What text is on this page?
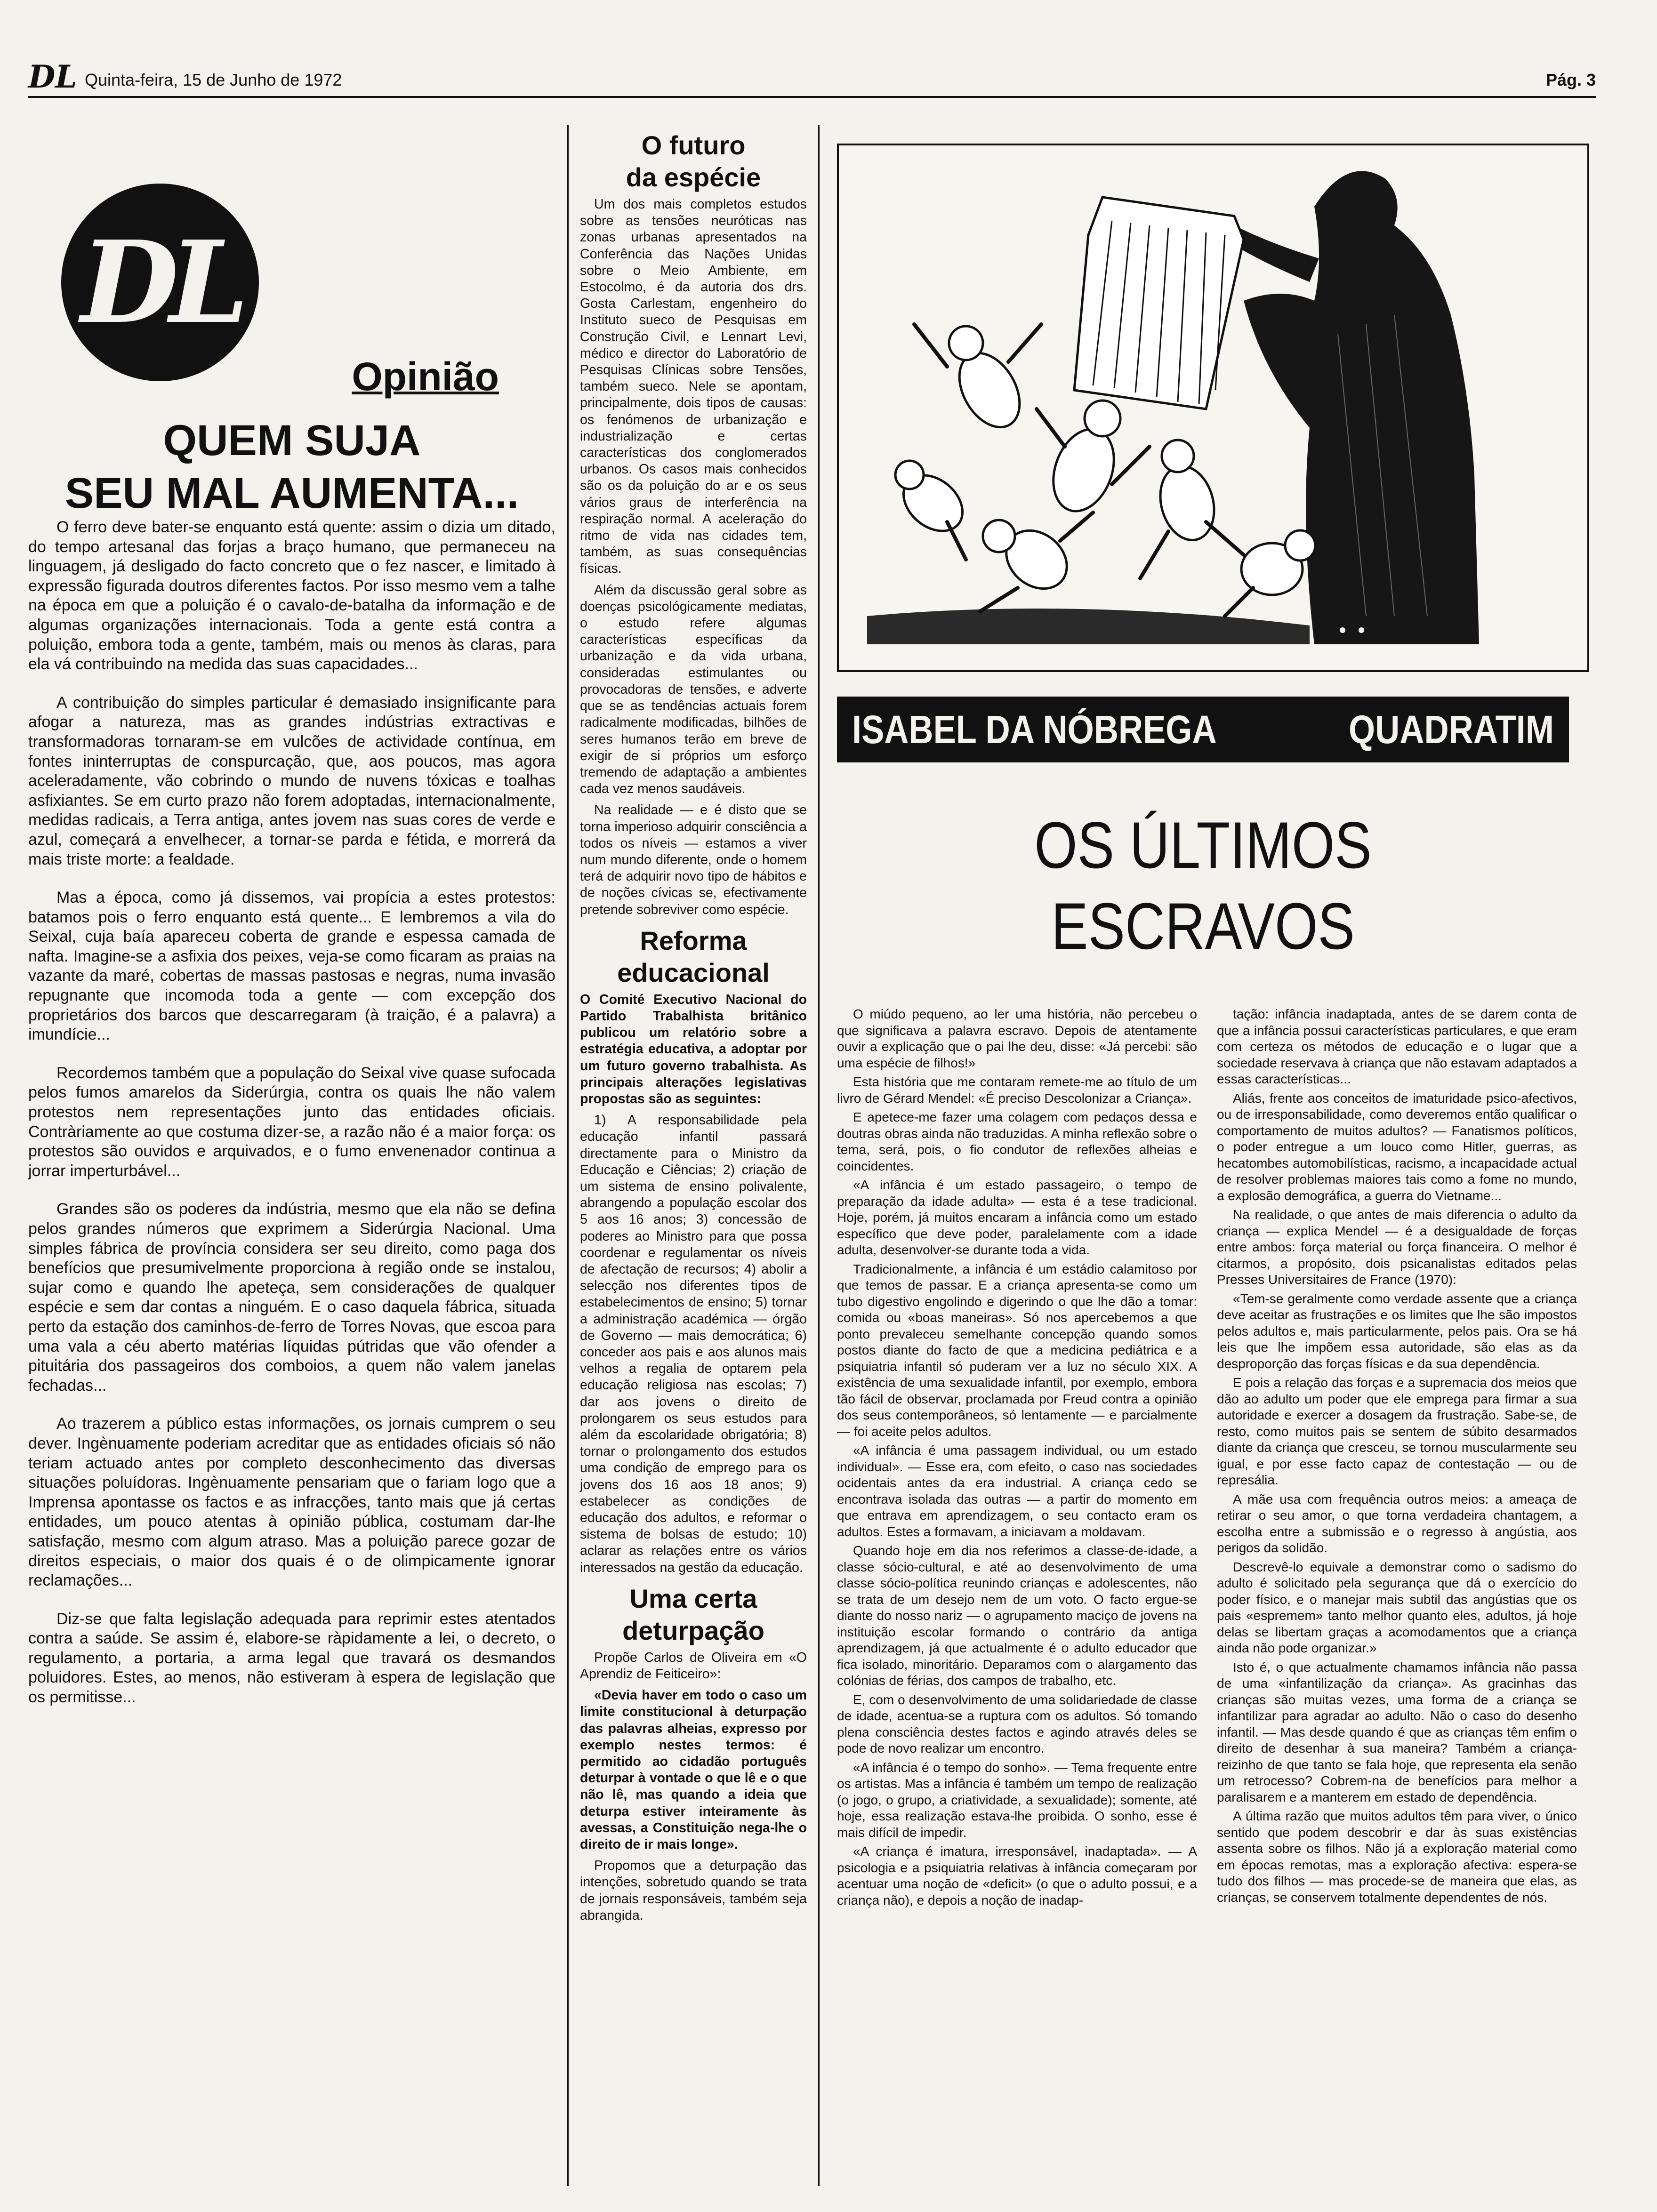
DL Quinta-feira, 15 de Junho de 1972	Pág. 3
DL
Opinião
QUEM SUJA
SEU MAL AUMENTA...

O ferro deve bater-se enquanto está quente: assim o dizia um ditado, do tempo artesanal das forjas a braço humano, que permaneceu na linguagem, já desligado do facto concreto que o fez nascer, e limitado à expressão figurada doutros diferentes factos. Por isso mesmo vem a talhe na época em que a poluição é o cavalo-de-batalha da informação e de algumas organizações internacionais. Toda a gente está contra a poluição, embora toda a gente, também, mais ou menos às claras, para ela vá contribuindo na medida das suas capacidades...

A contribuição do simples particular é demasiado insignificante para afogar a natureza, mas as grandes indústrias extractivas e transformadoras tornaram-se em vulcões de actividade contínua, em fontes ininterruptas de conspurcação, que, aos poucos, mas agora aceleradamente, vão cobrindo o mundo de nuvens tóxicas e toalhas asfixiantes. Se em curto prazo não forem adoptadas, internacionalmente, medidas radicais, a Terra antiga, antes jovem nas suas cores de verde e azul, começará a envelhecer, a tornar-se parda e fétida, e morrerá da mais triste morte: a fealdade.

Mas a época, como já dissemos, vai propícia a estes protestos: batamos pois o ferro enquanto está quente... E lembremos a vila do Seixal, cuja baía apareceu coberta de grande e espessa camada de nafta. Imagine-se a asfixia dos peixes, veja-se como ficaram as praias na vazante da maré, cobertas de massas pastosas e negras, numa invasão repugnante que incomoda toda a gente — com excepção dos proprietários dos barcos que descarregaram (à traição, é a palavra) a imundície...

Recordemos também que a população do Seixal vive quase sufocada pelos fumos amarelos da Siderúrgia, contra os quais lhe não valem protestos nem representações junto das entidades oficiais. Contràriamente ao que costuma dizer-se, a razão não é a maior força: os protestos são ouvidos e arquivados, e o fumo envenenador continua a jorrar imperturbável...

Grandes são os poderes da indústria, mesmo que ela não se defina pelos grandes números que exprimem a Siderúrgia Nacional. Uma simples fábrica de província considera ser seu direito, como paga dos benefícios que presumivelmente proporciona à região onde se instalou, sujar como e quando lhe apeteça, sem considerações de qualquer espécie e sem dar contas a ninguém. E o caso daquela fábrica, situada perto da estação dos caminhos-de-ferro de Torres Novas, que escoa para uma vala a céu aberto matérias líquidas pútridas que vão ofender a pituitária dos passageiros dos comboios, a quem não valem janelas fechadas...

Ao trazerem a público estas informações, os jornais cumprem o seu dever. Ingènuamente poderiam acreditar que as entidades oficiais só não teriam actuado antes por completo desconhecimento das diversas situações poluídoras. Ingènuamente pensariam que o fariam logo que a Imprensa apontasse os factos e as infracções, tanto mais que já certas entidades, um pouco atentas à opinião pública, costumam dar-lhe satisfação, mesmo com algum atraso. Mas a poluição parece gozar de direitos especiais, o maior dos quais é o de olimpicamente ignorar reclamações...

Diz-se que falta legislação adequada para reprimir estes atentados contra a saúde. Se assim é, elabore-se ràpidamente a lei, o decreto, o regulamento, a portaria, a arma legal que travará os desmandos poluidores. Estes, ao menos, não estiveram à espera de legislação que os permitisse...

O futuro
da espécie

Um dos mais completos estudos sobre as tensões neuróticas nas zonas urbanas apresentados na Conferência das Nações Unidas sobre o Meio Ambiente, em Estocolmo, é da autoria dos drs. Gosta Carlestam, engenheiro do Instituto sueco de Pesquisas em Construção Civil, e Lennart Levi, médico e director do Laboratório de Pesquisas Clínicas sobre Tensões, também sueco. Nele se apontam, principalmente, dois tipos de causas: os fenómenos de urbanização e industrialização e certas características dos conglomerados urbanos. Os casos mais conhecidos são os da poluição do ar e os seus vários graus de interferência na respiração normal. A aceleração do ritmo de vida nas cidades tem, também, as suas consequências físicas.

Além da discussão geral sobre as doenças psicológicamente mediatas, o estudo refere algumas características específicas da urbanização e da vida urbana, consideradas estimulantes ou provocadoras de tensões, e adverte que se as tendências actuais forem radicalmente modificadas, bilhões de seres humanos terão em breve de exigir de si próprios um esforço tremendo de adaptação a ambientes cada vez menos saudáveis.

Na realidade — e é disto que se torna imperioso adquirir consciência a todos os níveis — estamos a viver num mundo diferente, onde o homem terá de adquirir novo tipo de hábitos e de noções cívicas se, efectivamente pretende sobreviver como espécie.

Reforma
educacional

O Comité Executivo Nacional do Partido Trabalhista britânico publicou um relatório sobre a estratégia educativa, a adoptar por um futuro governo trabalhista. As principais alterações legislativas propostas são as seguintes:

1) A responsabilidade pela educação infantil passará directamente para o Ministro da Educação e Ciências; 2) criação de um sistema de ensino polivalente, abrangendo a população escolar dos 5 aos 16 anos; 3) concessão de poderes ao Ministro para que possa coordenar e regulamentar os níveis de afectação de recursos; 4) abolir a selecção nos diferentes tipos de estabelecimentos de ensino; 5) tornar a administração académica — órgão de Governo — mais democrática; 6) conceder aos pais e aos alunos mais velhos a regalia de optarem pela educação religiosa nas escolas; 7) dar aos jovens o direito de prolongarem os seus estudos para além da escolaridade obrigatória; 8) tornar o prolongamento dos estudos uma condição de emprego para os jovens dos 16 aos 18 anos; 9) estabelecer as condições de educação dos adultos, e reformar o sistema de bolsas de estudo; 10) aclarar as relações entre os vários interessados na gestão da educação.

Uma certa
deturpação

Propõe Carlos de Oliveira em «O Aprendiz de Feiticeiro»:

«Devia haver em todo o caso um limite constitucional à deturpação das palavras alheias, expresso por exemplo nestes termos: é permitido ao cidadão português deturpar à vontade o que lê e o que não lê, mas quando a ideia que deturpa estiver inteiramente às avessas, a Constituição nega-lhe o direito de ir mais longe».

Propomos que a deturpação das intenções, sobretudo quando se trata de jornais responsáveis, também seja abrangida.

ISABEL DA NÓBREGA	QUADRATIM
OS ÚLTIMOS
ESCRAVOS

O miúdo pequeno, ao ler uma história, não percebeu o que significava a palavra escravo. Depois de atentamente ouvir a explicação que o pai lhe deu, disse: «Já percebi: são uma espécie de filhos!»

Esta história que me contaram remete-me ao título de um livro de Gérard Mendel: «É preciso Descolonizar a Criança».

E apetece-me fazer uma colagem com pedaços dessa e doutras obras ainda não traduzidas. A minha reflexão sobre o tema, será, pois, o fio condutor de reflexões alheias e coincidentes.

«A infância é um estado passageiro, o tempo de preparação da idade adulta» — esta é a tese tradicional. Hoje, porém, já muitos encaram a infância como um estado específico que deve poder, paralelamente com a idade adulta, desenvolver-se durante toda a vida.

Tradicionalmente, a infância é um estádio calamitoso por que temos de passar. E a criança apresenta-se como um tubo digestivo engolindo e digerindo o que lhe dão a tomar: comida ou «boas maneiras». Só nos apercebemos a que ponto prevaleceu semelhante concepção quando somos postos diante do facto de que a medicina pediátrica e a psiquiatria infantil só puderam ver a luz no século XIX. A existência de uma sexualidade infantil, por exemplo, embora tão fácil de observar, proclamada por Freud contra a opinião dos seus contemporâneos, só lentamente — e parcialmente — foi aceite pelos adultos.

«A infância é uma passagem individual, ou um estado individual». — Esse era, com efeito, o caso nas sociedades ocidentais antes da era industrial. A criança cedo se encontrava isolada das outras — a partir do momento em que entrava em aprendizagem, o seu contacto eram os adultos. Estes a formavam, a iniciavam a moldavam.

Quando hoje em dia nos referimos a classe-de-idade, a classe sócio-cultural, e até ao desenvolvimento de uma classe sócio-política reunindo crianças e adolescentes, não se trata de um desejo nem de um voto. O facto ergue-se diante do nosso nariz — o agrupamento maciço de jovens na instituição escolar formando o contrário da antiga aprendizagem, já que actualmente é o adulto educador que fica isolado, minoritário. Deparamos com o alargamento das colónias de férias, dos campos de trabalho, etc.

E, com o desenvolvimento de uma solidariedade de classe de idade, acentua-se a ruptura com os adultos. Só tomando plena consciência destes factos e agindo através deles se pode de novo realizar um encontro.

«A infância é o tempo do sonho». — Tema frequente entre os artistas. Mas a infância é também um tempo de realização (o jogo, o grupo, a criatividade, a sexualidade); somente, até hoje, essa realização estava-lhe proibida. O sonho, esse é mais difícil de impedir.

«A criança é imatura, irresponsável, inadaptada». — A psicologia e a psiquiatria relativas à infância começaram por acentuar uma noção de «deficit» (o que o adulto possui, e a criança não), e depois a noção de inadap-

tação: infância inadaptada, antes de se darem conta de que a infância possui características particulares, e que eram com certeza os métodos de educação e o lugar que a sociedade reservava à criança que não estavam adaptados a essas características...

Aliás, frente aos conceitos de imaturidade psico-afectivos, ou de irresponsabilidade, como deveremos então qualificar o comportamento de muitos adultos? — Fanatismos políticos, o poder entregue a um louco como Hitler, guerras, as hecatombes automobilísticas, racismo, a incapacidade actual de resolver problemas maiores tais como a fome no mundo, a explosão demográfica, a guerra do Vietname...

Na realidade, o que antes de mais diferencia o adulto da criança — explica Mendel — é a desigualdade de forças entre ambos: força material ou força financeira. O melhor é citarmos, a propósito, dois psicanalistas editados pelas Presses Universitaires de France (1970):

«Tem-se geralmente como verdade assente que a criança deve aceitar as frustrações e os limites que lhe são impostos pelos adultos e, mais particularmente, pelos pais. Ora se há leis que lhe impõem essa autoridade, são elas as da desproporção das forças físicas e da sua dependência.

E pois a relação das forças e a supremacia dos meios que dão ao adulto um poder que ele emprega para firmar a sua autoridade e exercer a dosagem da frustração. Sabe-se, de resto, como muitos pais se sentem de súbito desarmados diante da criança que cresceu, se tornou muscularmente seu igual, e por esse facto capaz de contestação — ou de represália.

A mãe usa com frequência outros meios: a ameaça de retirar o seu amor, o que torna verdadeira chantagem, a escolha entre a submissão e o regresso à angústia, aos perigos da solidão.

Descrevê-lo equivale a demonstrar como o sadismo do adulto é solicitado pela segurança que dá o exercício do poder físico, e o manejar mais subtil das angústias que os pais «espremem» tanto melhor quanto eles, adultos, já hoje delas se libertam graças a acomodamentos que a criança ainda não pode organizar.»

Isto é, o que actualmente chamamos infância não passa de uma «infantilização da criança». As gracinhas das crianças são muitas vezes, uma forma de a criança se infantilizar para agradar ao adulto. Não o caso do desenho infantil. — Mas desde quando é que as crianças têm enfim o direito de desenhar à sua maneira? Também a criança-reizinho de que tanto se fala hoje, que representa ela senão um retrocesso? Cobrem-na de benefícios para melhor a paralisarem e a manterem em estado de dependência.

A última razão que muitos adultos têm para viver, o único sentido que podem descobrir e dar às suas existências assenta sobre os filhos. Não já a exploração material como em épocas remotas, mas a exploração afectiva: espera-se tudo dos filhos — mas procede-se de maneira que elas, as crianças, se conservem totalmente dependentes de nós.
